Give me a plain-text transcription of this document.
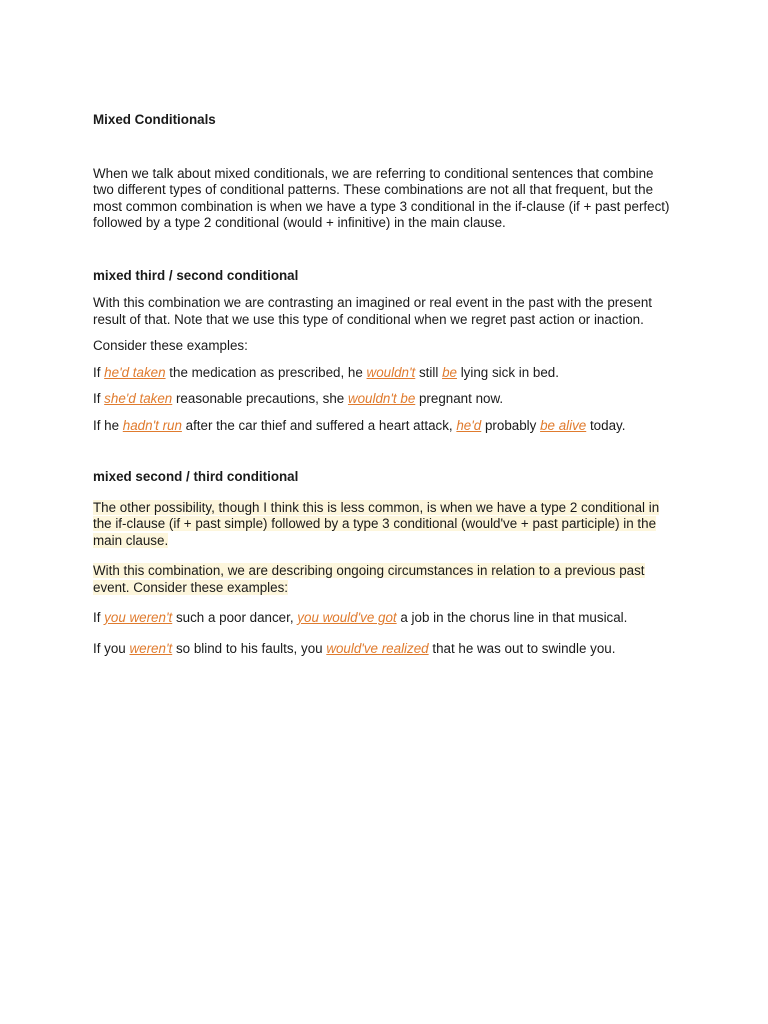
Mixed Conditionals

When we talk about mixed conditionals, we are referring to conditional sentences that combine two different types of conditional patterns. These combinations are not all that frequent, but the most common combination is when we have a type 3 conditional in the if-clause (if + past perfect) followed by a type 2 conditional (would + infinitive) in the main clause.

mixed third / second conditional

With this combination we are contrasting an imagined or real event in the past with the present result of that. Note that we use this type of conditional when we regret past action or inaction.

Consider these examples:

If he'd taken the medication as prescribed, he wouldn't still be lying sick in bed.

If she'd taken reasonable precautions, she wouldn't be pregnant now.

If he hadn't run after the car thief and suffered a heart attack, he'd probably be alive today.

mixed second / third conditional

The other possibility, though I think this is less common, is when we have a type 2 conditional in the if-clause (if + past simple) followed by a type 3 conditional (would've + past participle) in the main clause.

With this combination, we are describing ongoing circumstances in relation to a previous past event. Consider these examples:

If you weren't such a poor dancer, you would've got a job in the chorus line in that musical.

If you weren't so blind to his faults, you would've realized that he was out to swindle you.
